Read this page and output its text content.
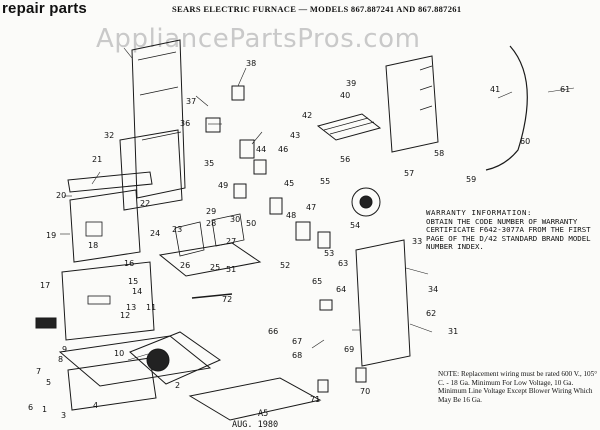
repair parts	SEARS ELECTRIC FURNACE — MODELS 867.887241 AND 867.887261
AppliancePartsPros.com
1
2
3
4
5
6
7
8
9	10
11
12
13
14
15
16
17
18
19
20
21
22
23
24
25
26
27
28
29
30
31
32
33
34
35
36
37
38
39
40
41
42
43
44
45
46
47
48
49
50
51	52
53
54
55
56
57
58
59
60
61
62
63
64
65
66
67
68
69
70
71
72
WARRANTY INFORMATION:
OBTAIN THE CODE NUMBER OF WARRANTY CERTIFICATE F642-3077A FROM THE FIRST PAGE OF THE D/42 STANDARD BRAND MODEL NUMBER INDEX.
NOTE: Replacement wiring must be rated 600 V., 105° C. - 18 Ga. Minimum For Low Voltage, 10 Ga. Minimum Line Voltage Except Blower Wiring Which May Be 16 Ga.
A5
AUG. 1980
